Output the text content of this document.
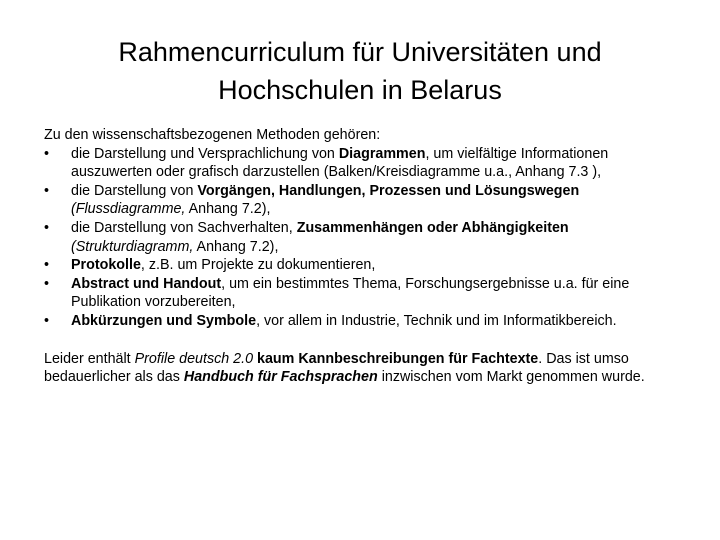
Rahmencurriculum für Universitäten und
Hochschulen in Belarus

Zu den wissenschaftsbezogenen Methoden gehören:

•	die Darstellung und Versprachlichung von Diagrammen, um vielfältige Informationen auszuwerten oder grafisch darzustellen (Balken/Kreisdiagramme u.a., Anhang 7.3 ),
•	die Darstellung von Vorgängen, Handlungen, Prozessen und Lösungswegen
(Flussdiagramme, Anhang 7.2),
•	die Darstellung von Sachverhalten, Zusammenhängen oder Abhängigkeiten
(Strukturdiagramm, Anhang 7.2),
•	Protokolle, z.B. um Projekte zu dokumentieren,
•	Abstract und Handout, um ein bestimmtes Thema, Forschungsergebnisse u.a. für eine Publikation vorzubereiten,
•	Abkürzungen und Symbole, vor allem in Industrie, Technik und im Informatikbereich.

Leider enthält Profile deutsch 2.0 kaum Kannbeschreibungen für Fachtexte. Das ist umso bedauerlicher als das Handbuch für Fachsprachen inzwischen vom Markt genommen wurde.
